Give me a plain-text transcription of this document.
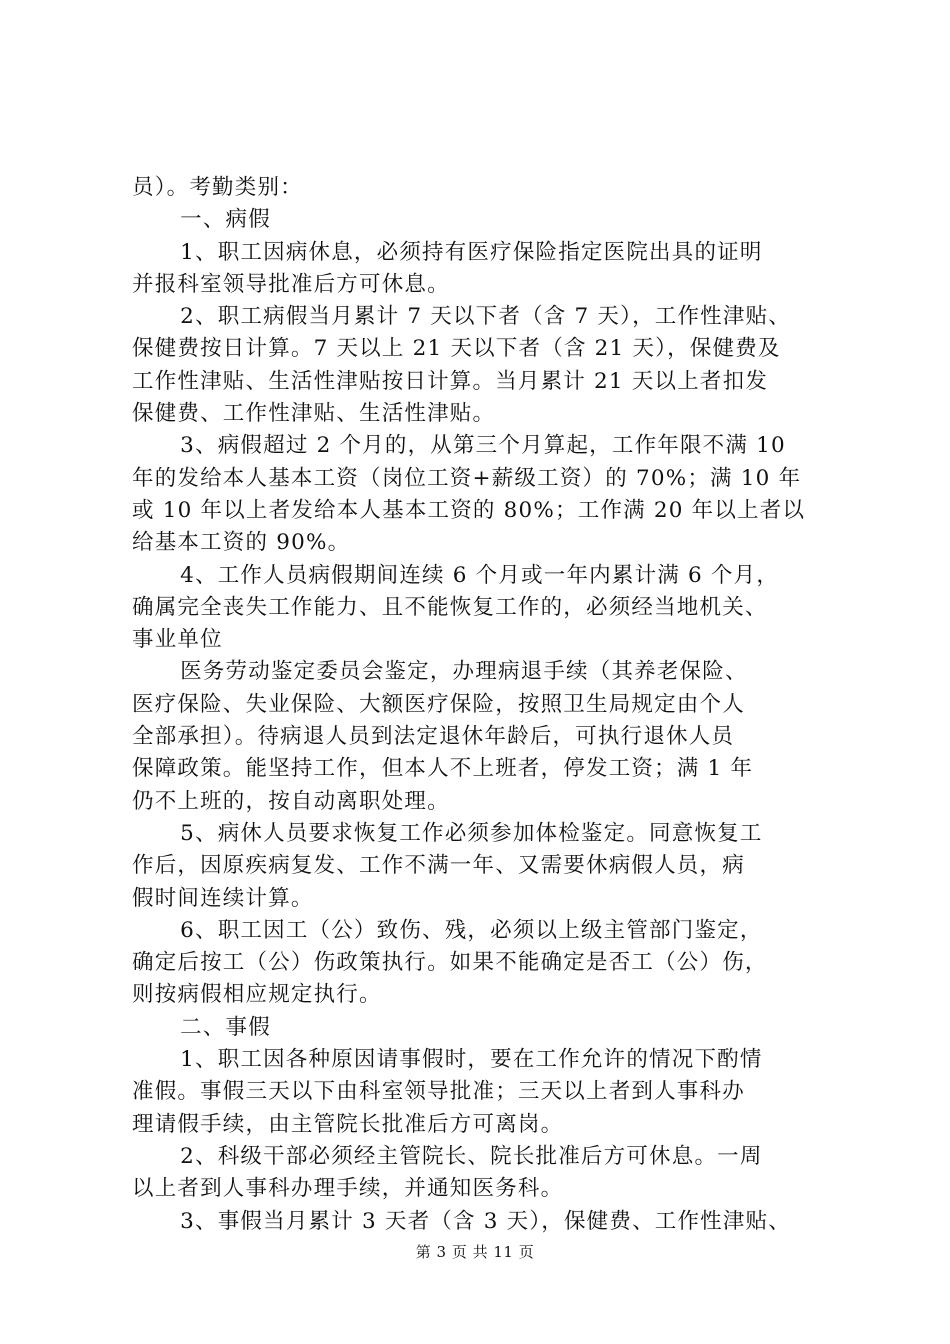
员）。考勤类别：
一、病假
1、职工因病休息，必须持有医疗保险指定医院出具的证明
并报科室领导批准后方可休息。
2、职工病假当月累计 7 天以下者（含 7 天），工作性津贴、
保健费按日计算。7 天以上 21 天以下者（含 21 天），保健费及
工作性津贴、生活性津贴按日计算。当月累计 21 天以上者扣发
保健费、工作性津贴、生活性津贴。
3、病假超过 2 个月的，从第三个月算起，工作年限不满 10
年的发给本人基本工资（岗位工资+薪级工资）的 70%；满 10 年
或 10 年以上者发给本人基本工资的 80%；工作满 20 年以上者以
给基本工资的 90%。
4、工作人员病假期间连续 6 个月或一年内累计满 6 个月，
确属完全丧失工作能力、且不能恢复工作的，必须经当地机关、
事业单位
医务劳动鉴定委员会鉴定，办理病退手续（其养老保险、
医疗保险、失业保险、大额医疗保险，按照卫生局规定由个人
全部承担）。待病退人员到法定退休年龄后，可执行退休人员
保障政策。能坚持工作，但本人不上班者，停发工资；满 1 年
仍不上班的，按自动离职处理。
5、病休人员要求恢复工作必须参加体检鉴定。同意恢复工
作后，因原疾病复发、工作不满一年、又需要休病假人员，病
假时间连续计算。
6、职工因工（公）致伤、残，必须以上级主管部门鉴定，
确定后按工（公）伤政策执行。如果不能确定是否工（公）伤，
则按病假相应规定执行。
二、事假
1、职工因各种原因请事假时，要在工作允许的情况下酌情
准假。事假三天以下由科室领导批准；三天以上者到人事科办
理请假手续，由主管院长批准后方可离岗。
2、科级干部必须经主管院长、院长批准后方可休息。一周
以上者到人事科办理手续，并通知医务科。
3、事假当月累计 3 天者（含 3 天），保健费、工作性津贴、
第 3 页 共 11 页
